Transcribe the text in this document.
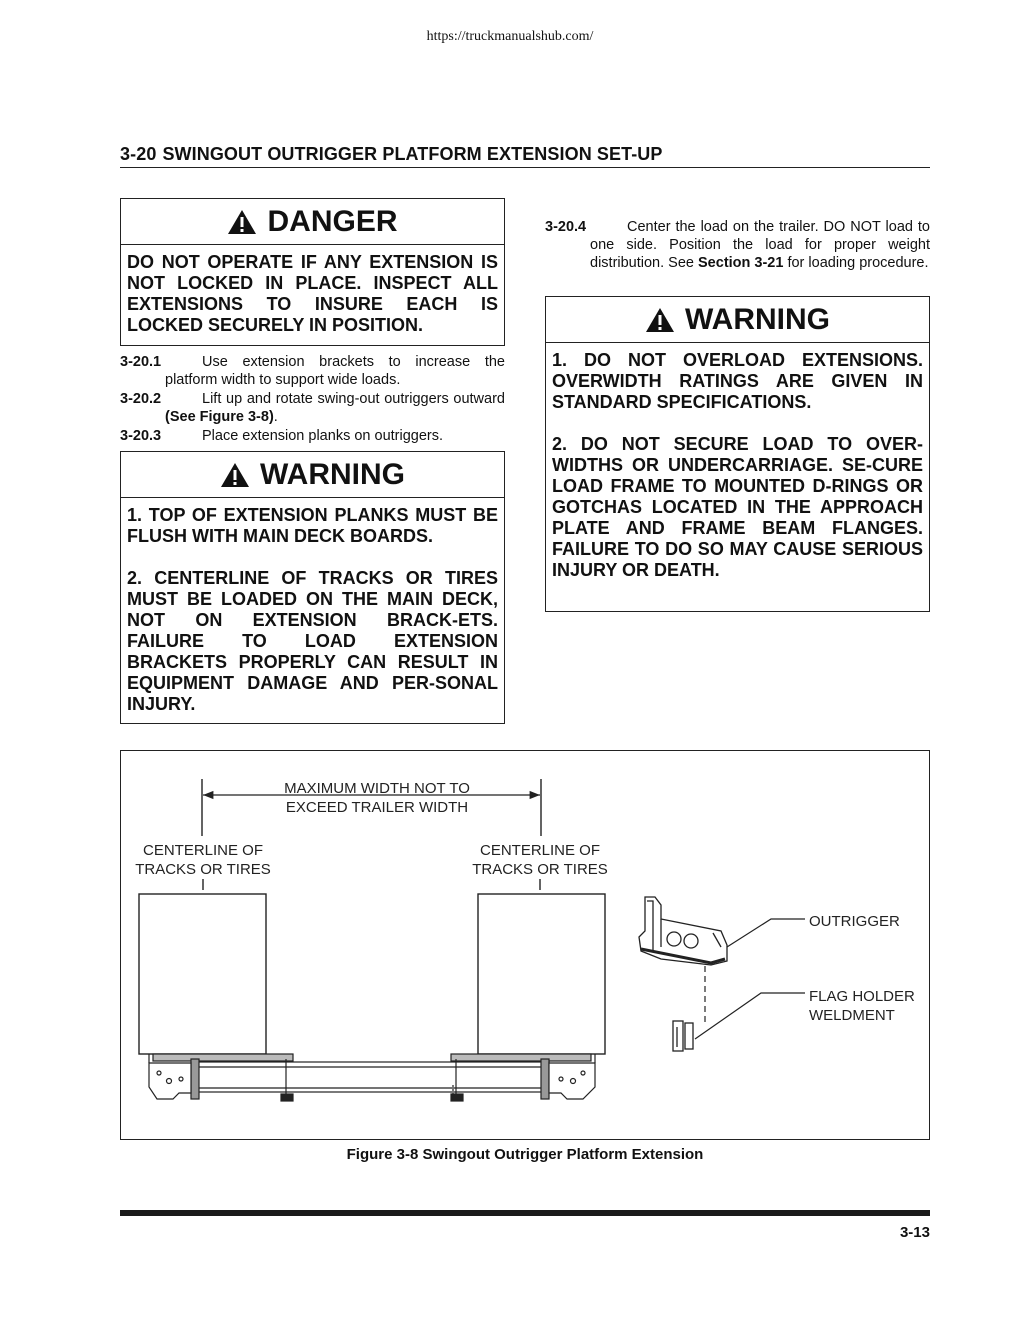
https://truckmanualshub.com/
3-20 SWINGOUT OUTRIGGER PLATFORM EXTENSION SET-UP
DANGER
DO NOT OPERATE IF ANY EXTENSION IS NOT LOCKED IN PLACE. INSPECT ALL EXTENSIONS TO INSURE EACH IS LOCKED SECURELY IN POSITION.
3-20.1	Use extension brackets to increase the platform width to support wide loads.
3-20.2	Lift up and rotate swing-out outriggers outward (See Figure 3-8).
3-20.3	Place extension planks on outriggers.
WARNING

1. TOP OF EXTENSION PLANKS MUST BE FLUSH WITH MAIN DECK BOARDS.

2. CENTERLINE OF TRACKS OR TIRES MUST BE LOADED ON THE MAIN DECK, NOT ON EXTENSION BRACK-ETS. FAILURE TO LOAD EXTENSION BRACKETS PROPERLY CAN RESULT IN EQUIPMENT DAMAGE AND PER-SONAL INJURY.

3-20.4	Center the load on the trailer. DO NOT load to one side. Position the load for proper weight distribution. See Section 3-21 for loading procedure.
WARNING

1. DO NOT OVERLOAD EXTENSIONS. OVERWIDTH RATINGS ARE GIVEN IN STANDARD SPECIFICATIONS.

2. DO NOT SECURE LOAD TO OVER-WIDTHS OR UNDERCARRIAGE. SE-CURE LOAD FRAME TO MOUNTED D-RINGS OR GOTCHAS LOCATED IN THE APPROACH PLATE AND FRAME BEAM FLANGES. FAILURE TO DO SO MAY CAUSE SERIOUS INJURY OR DEATH.

MAXIMUM WIDTH NOT TO
EXCEED TRAILER WIDTH
CENTERLINE OF
TRACKS OR TIRES
CENTERLINE OF
TRACKS OR TIRES
OUTRIGGER
FLAG HOLDER
WELDMENT
Figure 3-8 Swingout Outrigger Platform Extension
3-13
